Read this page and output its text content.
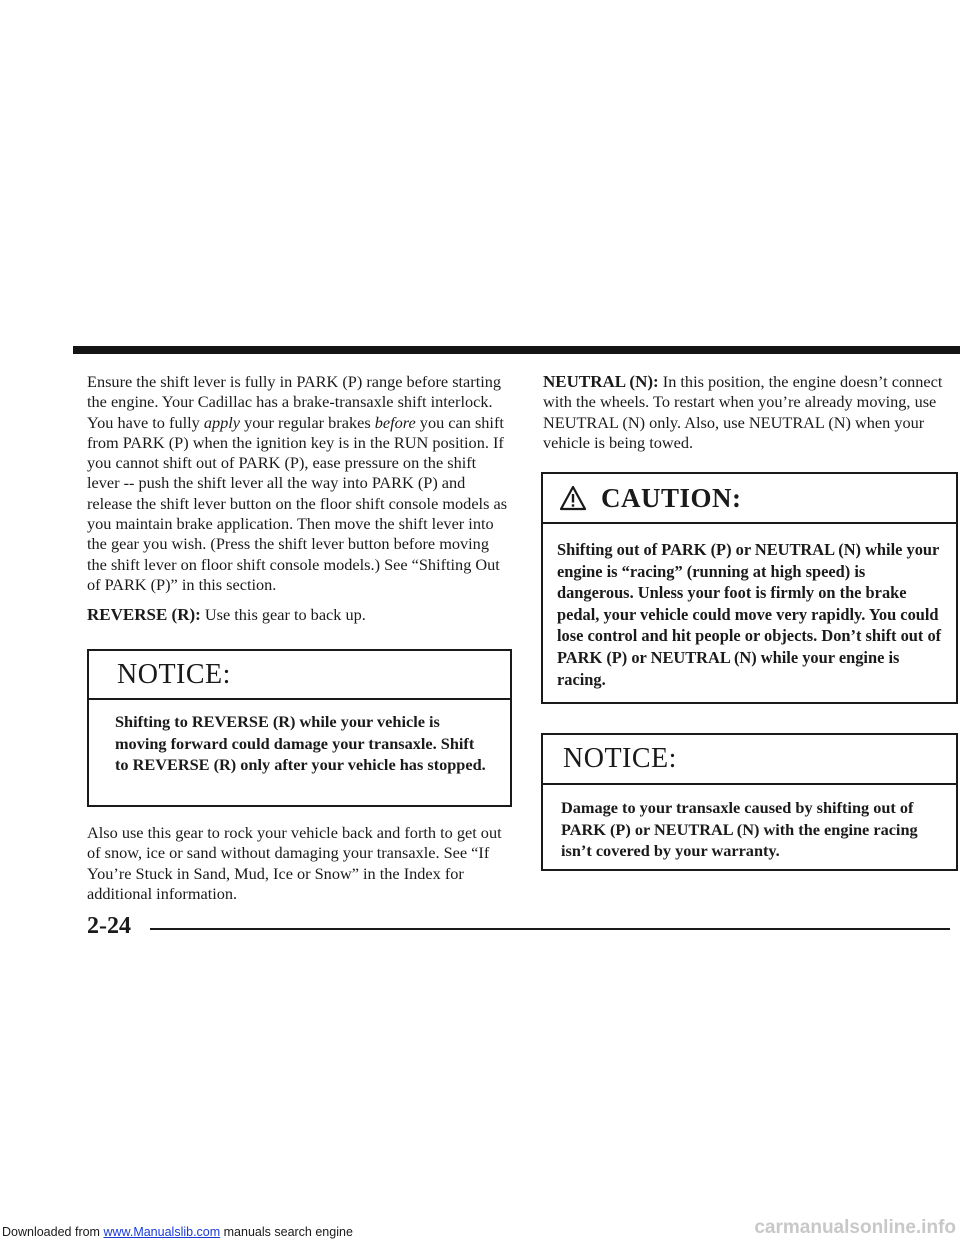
Ensure the shift lever is fully in PARK (P) range before starting the engine. Your Cadillac has a brake-transaxle shift interlock. You have to fully apply your regular brakes before you can shift from PARK (P) when the ignition key is in the RUN position. If you cannot shift out of PARK (P), ease pressure on the shift lever -- push the shift lever all the way into PARK (P) and release the shift lever button on the floor shift console models as you maintain brake application. Then move the shift lever into the gear you wish. (Press the shift lever button before moving the shift lever on floor shift console models.) See “Shifting Out of PARK (P)” in this section.

REVERSE (R): Use this gear to back up.

NOTICE:
Shifting to REVERSE (R) while your vehicle is moving forward could damage your transaxle. Shift to REVERSE (R) only after your vehicle has stopped.

Also use this gear to rock your vehicle back and forth to get out of snow, ice or sand without damaging your transaxle. See “If You’re Stuck in Sand, Mud, Ice or Snow” in the Index for additional information.

NEUTRAL (N): In this position, the engine doesn’t connect with the wheels. To restart when you’re already moving, use NEUTRAL (N) only. Also, use NEUTRAL (N) when your vehicle is being towed.

CAUTION:
Shifting out of PARK (P) or NEUTRAL (N) while your engine is “racing” (running at high speed) is dangerous. Unless your foot is firmly on the brake pedal, your vehicle could move very rapidly. You could lose control and hit people or objects. Don’t shift out of PARK (P) or NEUTRAL (N) while your engine is racing.
NOTICE:
Damage to your transaxle caused by shifting out of PARK (P) or NEUTRAL (N) with the engine racing isn’t covered by your warranty.
2-24
Downloaded from www.Manualslib.com manuals search engine	carmanualsonline.info
